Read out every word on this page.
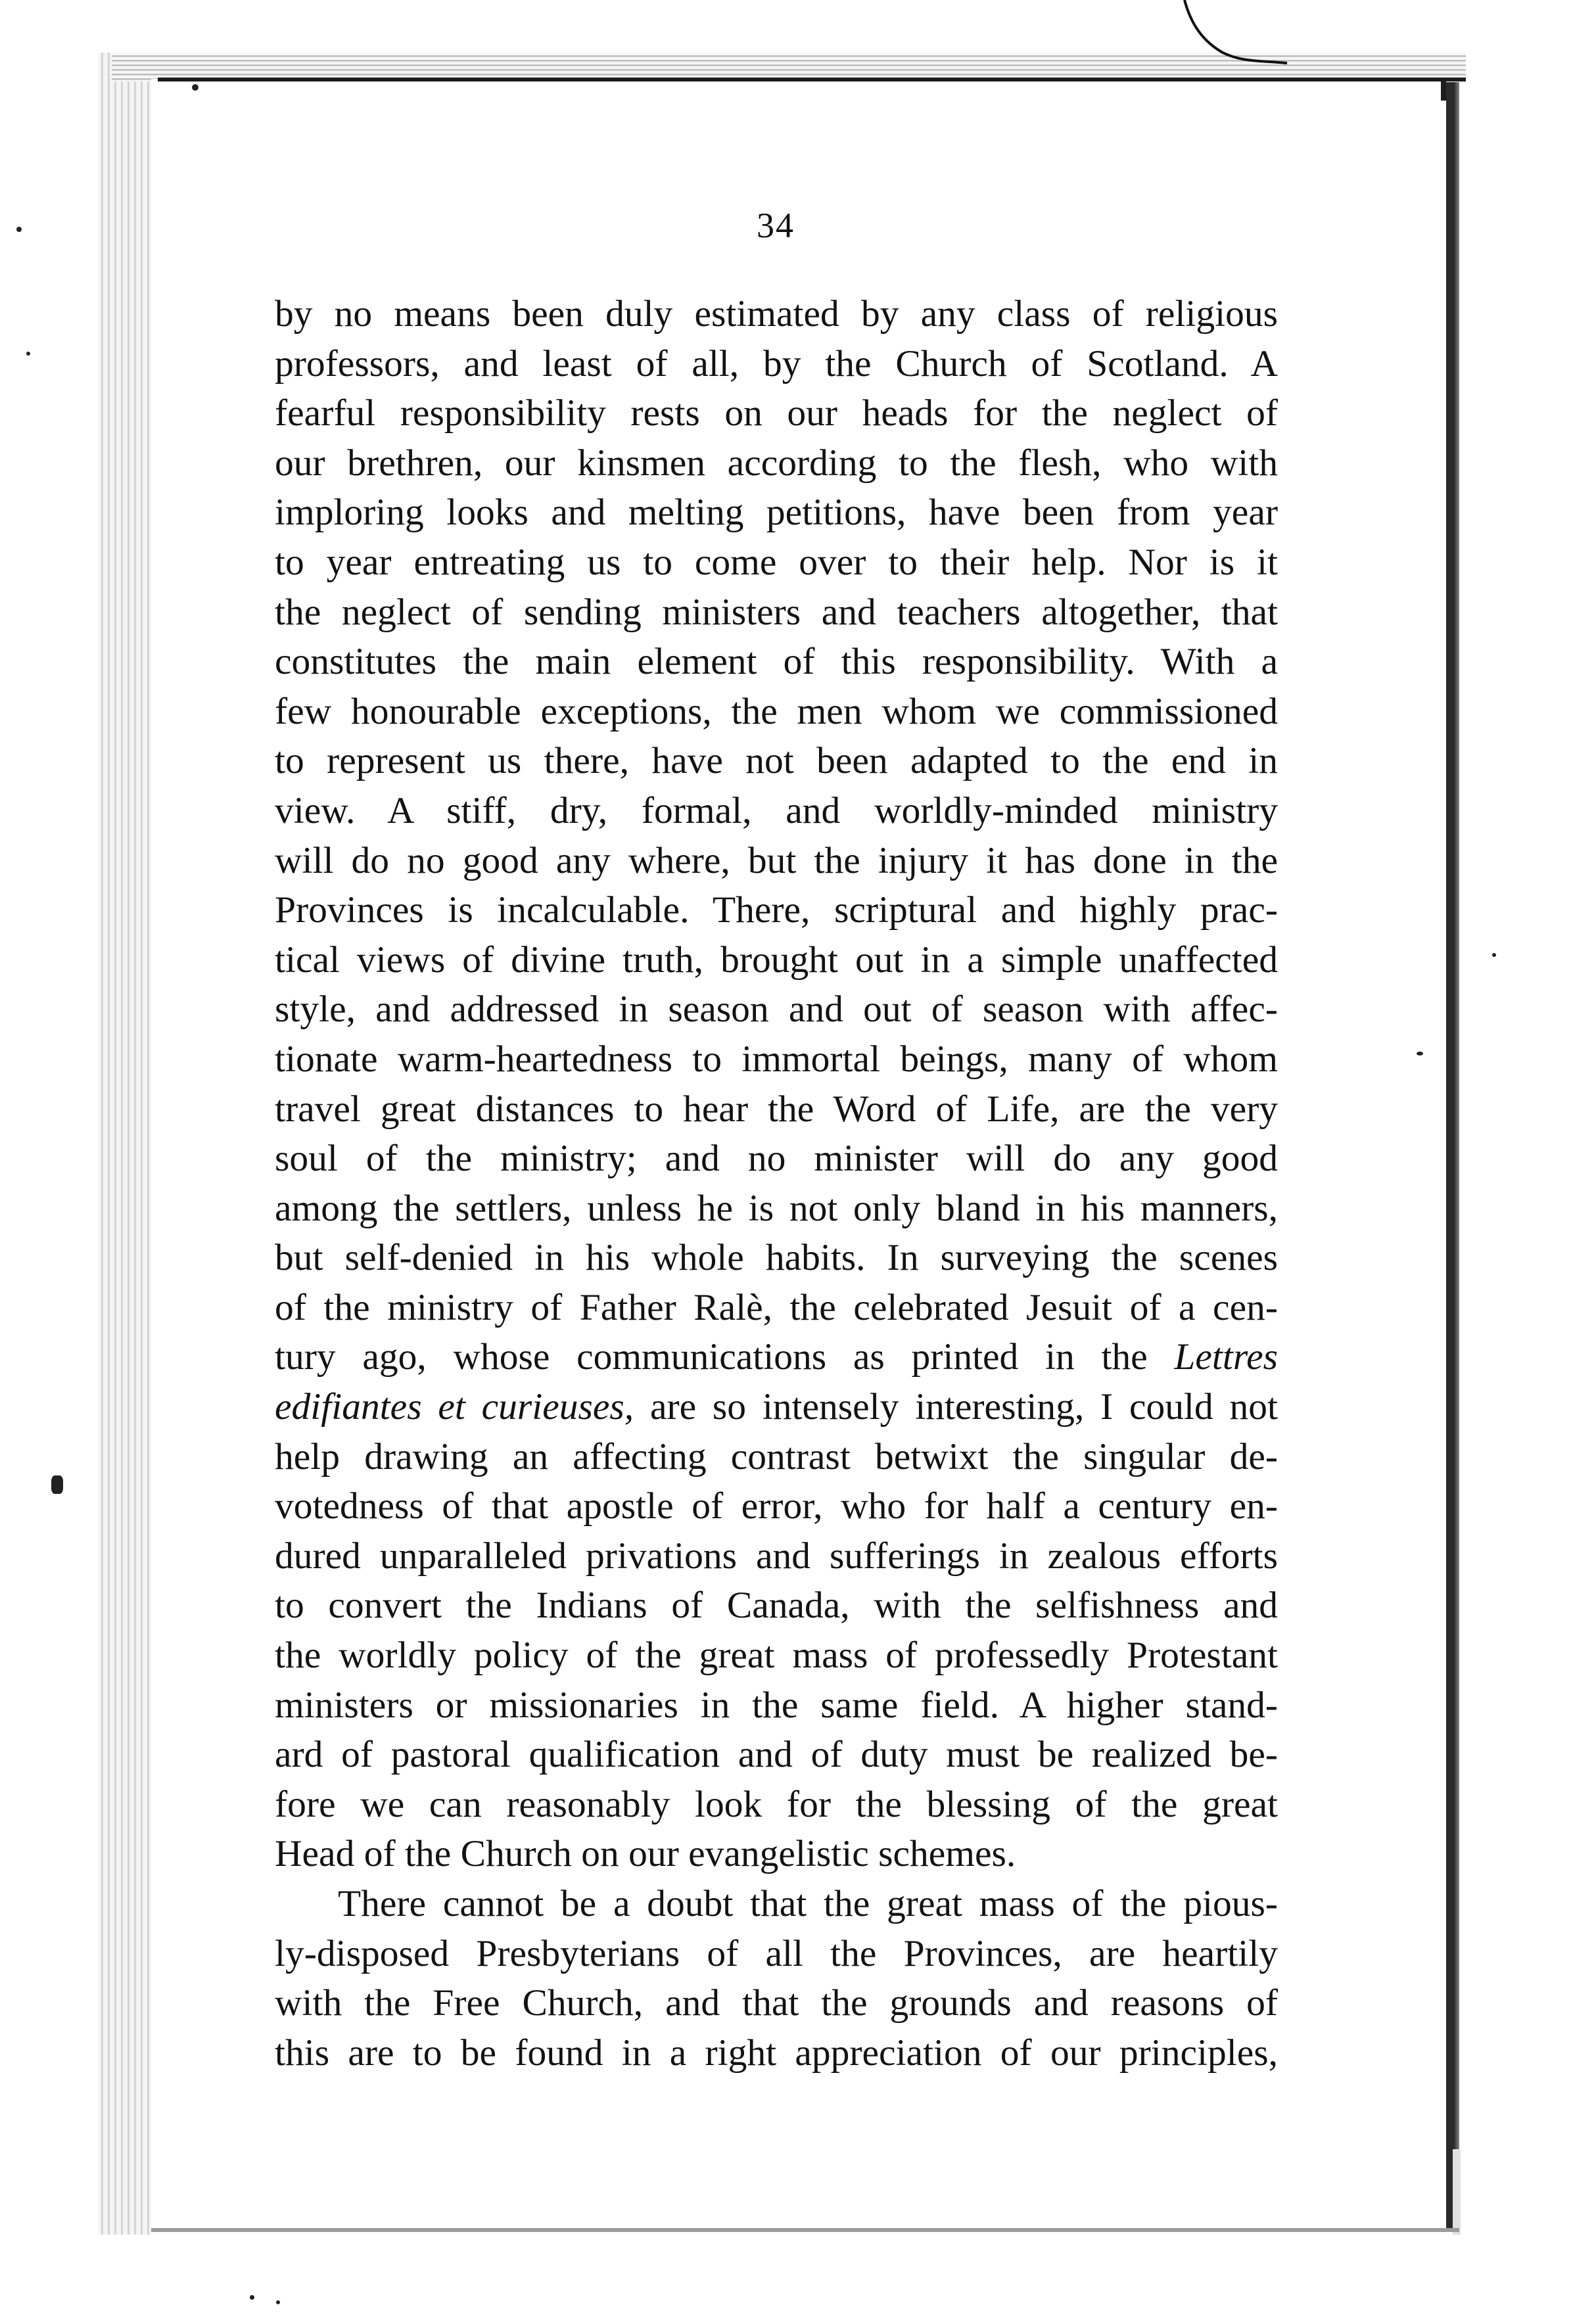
34
by no means been duly estimated by any class of religious
professors, and least of all, by the Church of Scotland. A
fearful responsibility rests on our heads for the neglect of
our brethren, our kinsmen according to the flesh, who with
imploring looks and melting petitions, have been from year
to year entreating us to come over to their help. Nor is it
the neglect of sending ministers and teachers altogether, that
constitutes the main element of this responsibility. With a
few honourable exceptions, the men whom we commissioned
to represent us there, have not been adapted to the end in
view. A stiff, dry, formal, and worldly-minded ministry
will do no good any where, but the injury it has done in the
Provinces is incalculable. There, scriptural and highly prac-
tical views of divine truth, brought out in a simple unaffected
style, and addressed in season and out of season with affec-
tionate warm-heartedness to immortal beings, many of whom
travel great distances to hear the Word of Life, are the very
soul of the ministry; and no minister will do any good
among the settlers, unless he is not only bland in his manners,
but self-denied in his whole habits. In surveying the scenes
of the ministry of Father Ralè, the celebrated Jesuit of a cen-
tury ago, whose communications as printed in the Lettres
edifiantes et curieuses, are so intensely interesting, I could not
help drawing an affecting contrast betwixt the singular de-
votedness of that apostle of error, who for half a century en-
dured unparalleled privations and sufferings in zealous efforts
to convert the Indians of Canada, with the selfishness and
the worldly policy of the great mass of professedly Protestant
ministers or missionaries in the same field. A higher stand-
ard of pastoral qualification and of duty must be realized be-
fore we can reasonably look for the blessing of the great
Head of the Church on our evangelistic schemes.
There cannot be a doubt that the great mass of the pious-
ly-disposed Presbyterians of all the Provinces, are heartily
with the Free Church, and that the grounds and reasons of
this are to be found in a right appreciation of our principles,
